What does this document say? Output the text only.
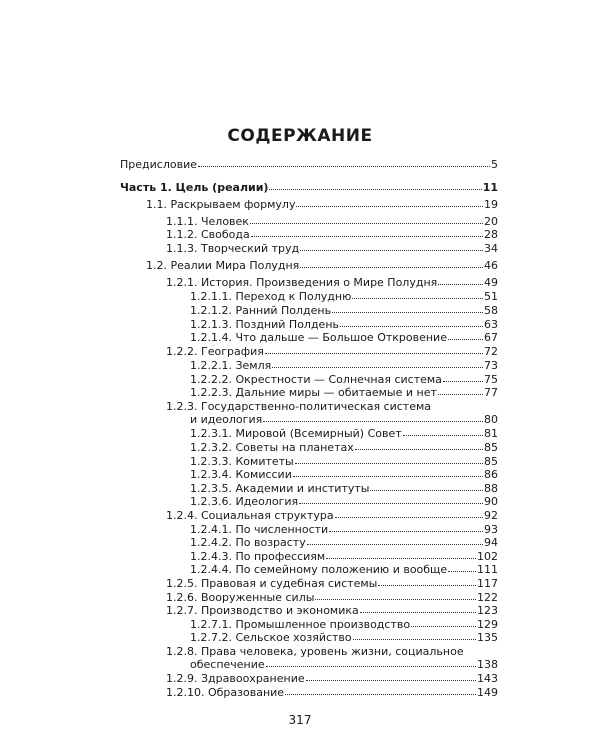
СОДЕРЖАНИЕ
Предисловие	5
Часть 1. Цель (реалии)	11
1.1. Раскрываем формулу	19
1.1.1. Человек	20
1.1.2. Свобода	28
1.1.3. Творческий труд	34
1.2. Реалии Мира Полудня	46
1.2.1. История. Произведения о Мире Полудня	49
1.2.1.1. Переход к Полудню	51
1.2.1.2. Ранний Полдень	58
1.2.1.3. Поздний Полдень	63
1.2.1.4. Что дальше — Большое Откровение	67
1.2.2. География	72
1.2.2.1. Земля	73
1.2.2.2. Окрестности — Солнечная система	75
1.2.2.3. Дальние миры — обитаемые и нет	77
1.2.3. Государственно-политическая система
и идеология	80
1.2.3.1. Мировой (Всемирный) Совет	81
1.2.3.2. Советы на планетах	85
1.2.3.3. Комитеты	85
1.2.3.4. Комиссии	86
1.2.3.5. Академии и институты	88
1.2.3.6. Идеология	90
1.2.4. Социальная структура	92
1.2.4.1. По численности	93
1.2.4.2. По возрасту	94
1.2.4.3. По профессиям	102
1.2.4.4. По семейному положению и вообще	111
1.2.5. Правовая и судебная системы	117
1.2.6. Вооруженные силы	122
1.2.7. Производство и экономика	123
1.2.7.1. Промышленное производство	129
1.2.7.2. Сельское хозяйство	135
1.2.8. Права человека, уровень жизни, социальное
обеспечение	138
1.2.9. Здравоохранение	143
1.2.10. Образование	149
317
